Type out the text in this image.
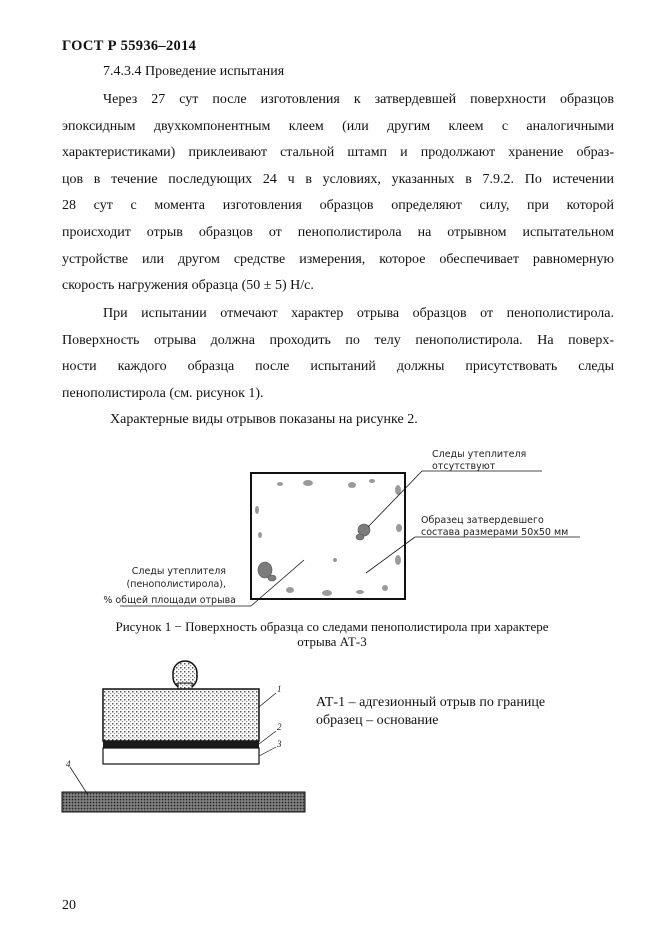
ГОСТ Р 55936–2014
7.4.3.4 Проведение испытания
Через 27 сут после изготовления к затвердевшей поверхности образцов
эпоксидным двухкомпонентным клеем (или другим клеем с аналогичными
характеристиками) приклеивают стальной штамп и продолжают хранение образ-
цов в течение последующих 24 ч в условиях, указанных в 7.9.2. По истечении
28 сут с момента изготовления образцов определяют силу, при которой
происходит отрыв образцов от пенополистирола на отрывном испытательном
устройстве или другом средстве измерения, которое обеспечивает равномерную
скорость нагружения образца (50 ± 5) Н/с.
При испытании отмечают характер отрыва образцов от пенополистирола.
Поверхность отрыва должна проходить по телу пенополистирола. На поверх-
ности каждого образца после испытаний должны присутствовать следы
пенополистирола (см. рисунок 1).
Характерные виды отрывов показаны на рисунке 2.
Следы утеплителя
отсутствуют
Образец затвердевшего
состава размерами 50х50 мм
Следы утеплителя
(пенополистирола),
% общей площади отрыва
Рисунок 1 − Поверхность образца со следами пенополистирола при характере
отрыва АТ-3
1
2
3
4
АТ-1 – адгезионный отрыв по границе
образец – основание
20
